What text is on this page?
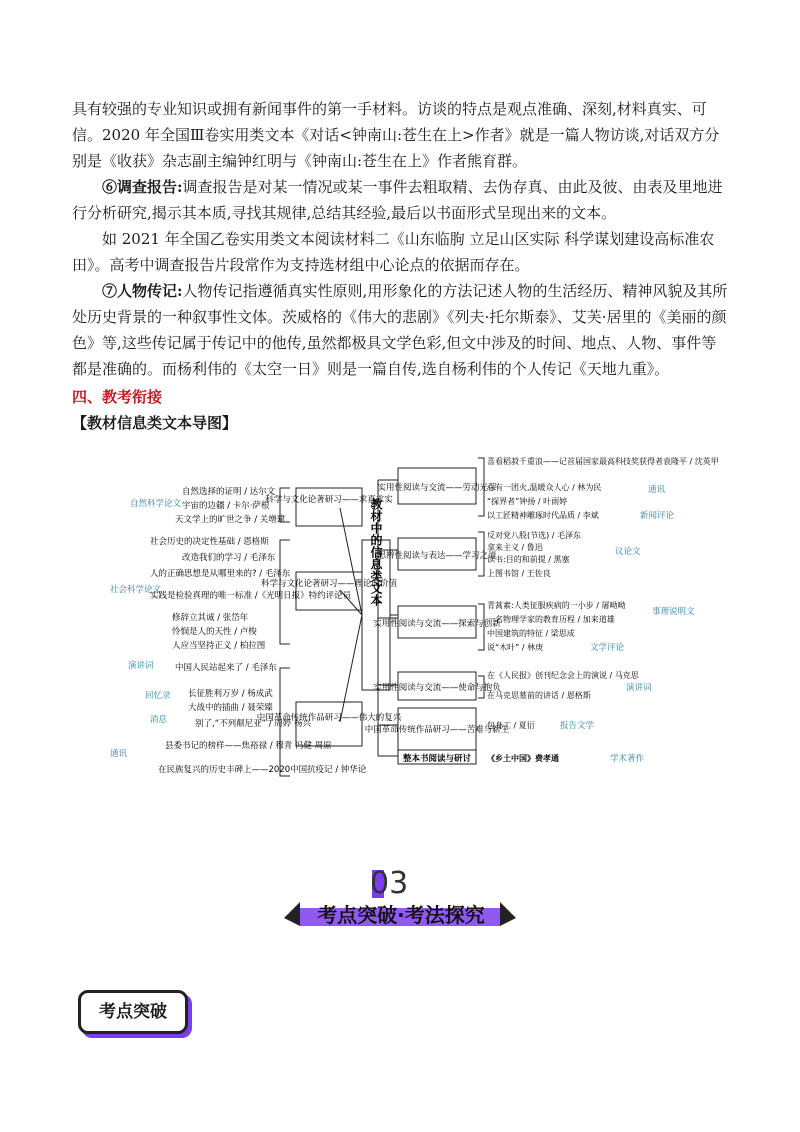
具有较强的专业知识或拥有新闻事件的第一手材料。访谈的特点是观点准确、深刻,材料真实、可信。 2020 年全国Ⅲ卷实用类文本《对话<钟南山:苍生在上>作者》就是一篇人物访谈,对话双方分别是《收获》杂志副主编钟红明与《钟南山:苍生在上》作者熊育群。
⑥调查报告:调查报告是对某一情况或某一事件去粗取精、去伪存真、由此及彼、由表及里地进行分析研究,揭示其本质,寻找其规律,总结其经验,最后以书面形式呈现出来的文本。
如 2021 年全国乙卷实用类文本阅读材料二《山东临朐 立足山区实际 科学谋划建设高标准农田》。高考中调查报告片段常作为支持选材组中心论点的依据而存在。
⑦人物传记:人物传记指遵循真实性原则,用形象化的方法记述人物的生活经历、精神风貌及其所处历史背景的一种叙事性文体。茨威格的《伟大的悲剧》《列夫·托尔斯泰》、艾芙·居里的《美丽的颜色》等,这些传记属于传记中的他传,虽然都极具文学色彩,但文中涉及的时间、地点、人物、事件等都是准确的。而杨利伟的《太空一日》则是一篇自传,选自杨利伟的个人传记《天地九重》。
四、教考衔接
【教材信息类文本导图】
教材中的信息类文本
科学与文化论著研习——求真求实
科学与文化论著研习——理论的价值
中国革命传统作品研习——伟大的复兴
自然科学论文
社会科学论文
演讲词
回忆录
消息
通讯
自然选择的证明 / 达尔文
宇宙的边疆 / 卡尔·萨根
天文学上的旷世之争 / 关增建
社会历史的决定性基础 / 恩格斯
改造我们的学习 / 毛泽东
人的正确思想是从哪里来的? / 毛泽东
实践是检验真理的唯一标准 /《光明日报》特约评论员
修辞立其诚 / 张岱年
怜悯是人的天性 / 卢梭
人应当坚持正义 / 柏拉图
中国人民站起来了 / 毛泽东
长征胜利万岁 / 杨成武
大战中的插曲 / 聂荣臻
别了,“不列颠尼亚” / 周婷 杨兴
县委书记的榜样——焦裕禄 / 穆青 冯健 周原
在民族复兴的历史丰碑上——2020中国抗疫记 / 钟华论
实用性阅读与交流——劳动光荣
思辨性阅读与表达——学习之道
实用性阅读与交流——探索与创新
实用性阅读与交流——使命与抱负
中国革命传统作品研习——苦难与新生
整本书阅读与研讨
喜看稻菽千重浪——记首届国家最高科技奖获得者袁隆平 / 沈英甲
心有一团火,温暖众人心 / 林为民
“探界者”钟扬 / 叶雨婷
以工匠精神雕琢时代品质 / 李斌
反对党八股(节选) / 毛泽东
拿来主义 / 鲁迅
读书:目的和前提 / 黑塞
上图书馆 / 王佐良
青蒿素:人类征服疾病的一小步 / 屠呦呦
一名物理学家的教育历程 / 加来道雄
中国建筑的特征 / 梁思成
说“木叶” / 林庚
在《人民报》创刊纪念会上的演说 / 马克思
在马克思墓前的讲话 / 恩格斯
包身工 / 夏衍
《乡土中国》费孝通
通讯
新闻评论
议论文
事理说明文
文学评论
演讲词
报告文学
学术著作
03
考点突破·考法探究
考点突破
